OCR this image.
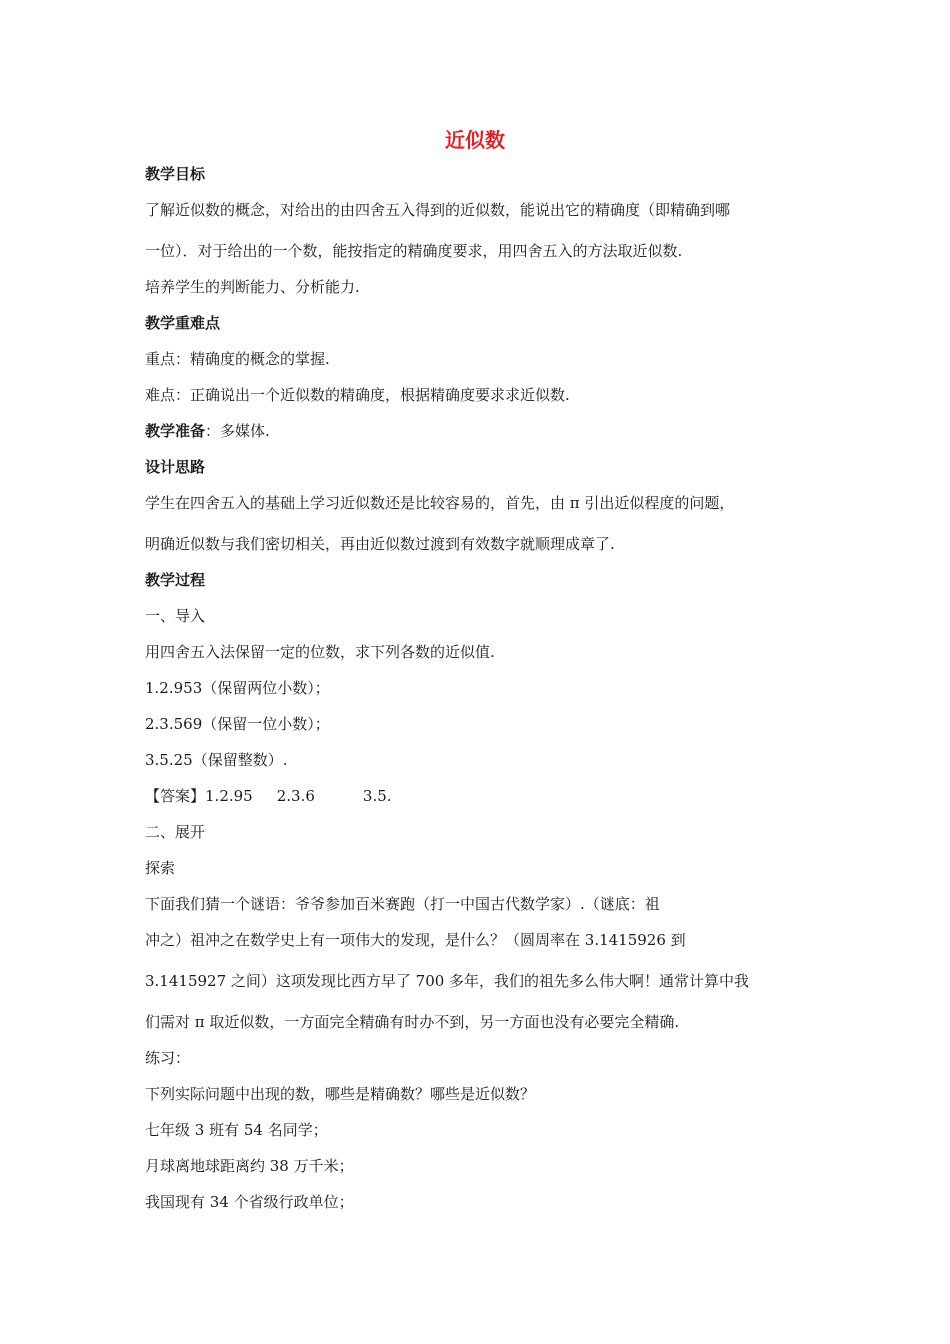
近似数
教学目标
了解近似数的概念，对给出的由四舍五入得到的近似数，能说出它的精确度（即精确到哪
一位）．对于给出的一个数，能按指定的精确度要求，用四舍五入的方法取近似数.
培养学生的判断能力、分析能力.
教学重难点
重点：精确度的概念的掌握.
难点：正确说出一个近似数的精确度，根据精确度要求求近似数.
教学准备：多媒体.
设计思路
学生在四舍五入的基础上学习近似数还是比较容易的，首先，由 π 引出近似程度的问题，
明确近似数与我们密切相关，再由近似数过渡到有效数字就顺理成章了.
教学过程
一、导入
用四舍五入法保留一定的位数，求下列各数的近似值.
1.2.953（保留两位小数）；
2.3.569（保留一位小数）；
3.5.25（保留整数）.
【答案】1.2.95 2.3.6	3.5.
二、展开
探索
下面我们猜一个谜语：爷爷参加百米赛跑（打一中国古代数学家）.（谜底：祖
冲之）祖冲之在数学史上有一项伟大的发现，是什么？（圆周率在 3.1415926 到
3.1415927 之间）这项发现比西方早了 700 多年，我们的祖先多么伟大啊！通常计算中我
们需对 π 取近似数，一方面完全精确有时办不到，另一方面也没有必要完全精确.
练习：
下列实际问题中出现的数，哪些是精确数？哪些是近似数？
七年级 3 班有 54 名同学；
月球离地球距离约 38 万千米；
我国现有 34 个省级行政单位；
